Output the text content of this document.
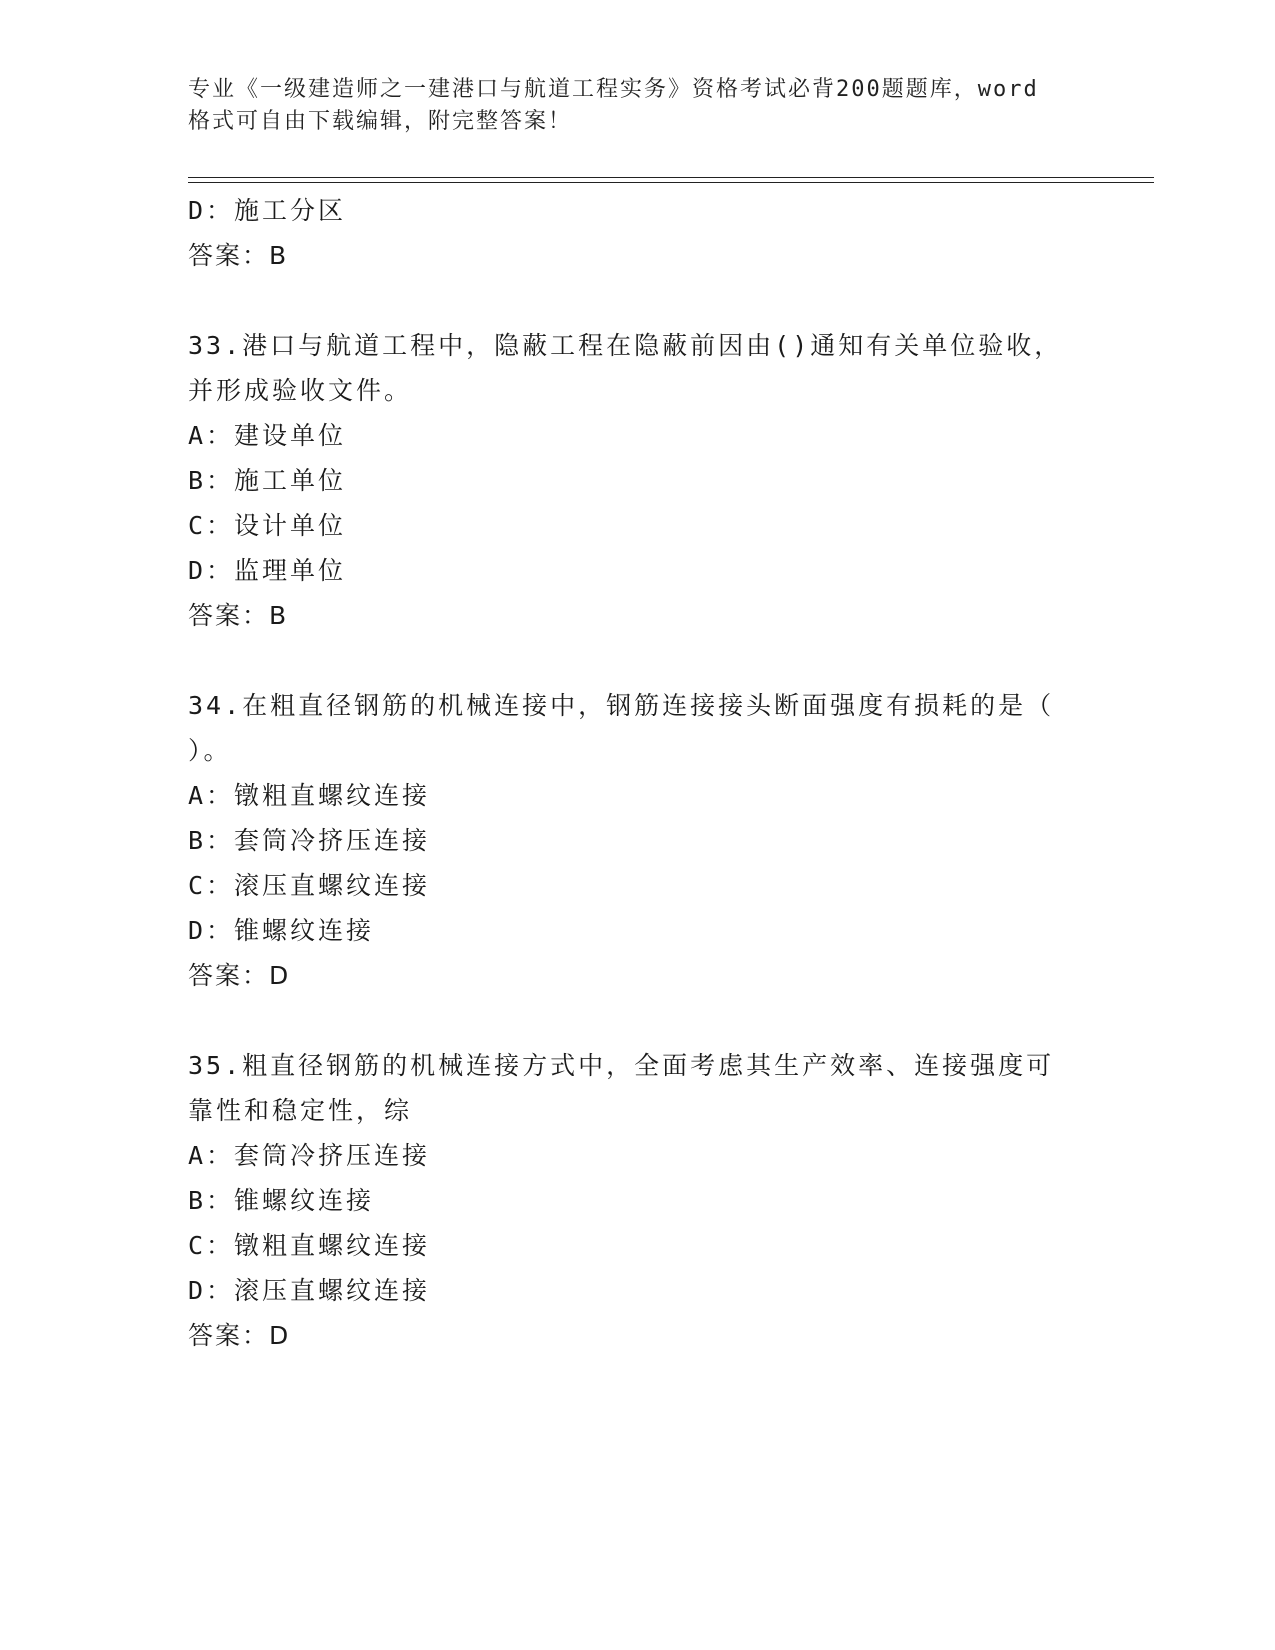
专业《一级建造师之一建港口与航道工程实务》资格考试必背200题题库，word
格式可自由下载编辑，附完整答案！
D：施工分区
答案：B
33.港口与航道工程中，隐蔽工程在隐蔽前因由()通知有关单位验收，
并形成验收文件。
A：建设单位
B：施工单位
C：设计单位
D：监理单位
答案：B
34.在粗直径钢筋的机械连接中，钢筋连接接头断面强度有损耗的是（
）。
A：镦粗直螺纹连接
B：套筒冷挤压连接
C：滚压直螺纹连接
D：锥螺纹连接
答案：D
35.粗直径钢筋的机械连接方式中，全面考虑其生产效率、连接强度可
靠性和稳定性，综
A：套筒冷挤压连接
B：锥螺纹连接
C：镦粗直螺纹连接
D：滚压直螺纹连接
答案：D
